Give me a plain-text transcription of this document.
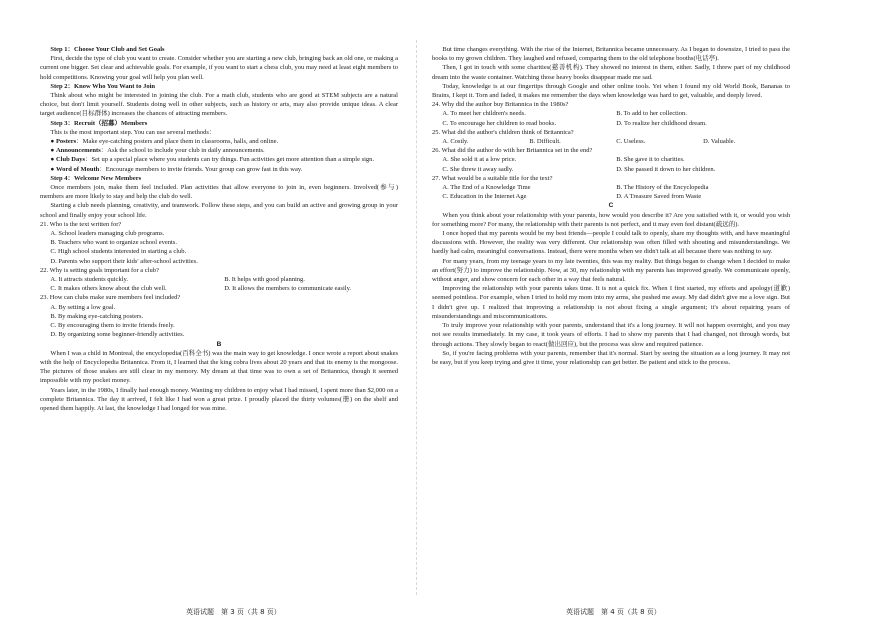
Step 1：Choose Your Club and Set Goals

First, decide the type of club you want to create. Consider whether you are starting a new club, bringing back an old one, or making a current one bigger. Set clear and achievable goals. For example, if you want to start a chess club, you may need at least eight members to hold competitions. Knowing your goal will help you plan well.

Step 2：Know Who You Want to Join

Think about who might be interested in joining the club. For a math club, students who are good at STEM subjects are a natural choice, but don't limit yourself. Students doing well in other subjects, such as history or arts, may also provide unique ideas. A clear target audience(目标群体) increases the chances of attracting members.

Step 3：Recruit（招募）Members

This is the most important step. You can use several methods：

● Posters：Make eye-catching posters and place them in classrooms, halls, and online.

● Announcements：Ask the school to include your club in daily announcements.

● Club Days：Set up a special place where you students can try things. Fun activities get more attention than a simple sign.

● Word of Mouth：Encourage members to invite friends. Your group can grow fast in this way.

Step 4：Welcome New Members

Once members join, make them feel included. Plan activities that allow everyone to join in, even beginners. Involved(参与) members are more likely to stay and help the club do well.

Starting a club needs planning, creativity, and teamwork. Follow these steps, and you can build an active and growing group in your school and finally enjoy your school life.

21. Who is the text written for?

A. School leaders managing club programs.

B. Teachers who want to organize school events.

C. High school students interested in starting a club.

D. Parents who support their kids' after-school activities.

22. Why is setting goals important for a club?

A. It attracts students quickly.	B. It helps with good planning.
C. It makes others know about the club well.	D. It allows the members to communicate easily.

23. How can clubs make sure members feel included?

A. By setting a low goal.

B. By making eye-catching posters.

C. By encouraging them to invite friends freely.

D. By organizing some beginner-friendly activities.

B

When I was a child in Montreal, the encyclopedia(百科全书) was the main way to get knowledge. I once wrote a report about snakes with the help of Encyclopedia Britannica. From it, I learned that the king cobra lives about 20 years and that its enemy is the mongoose. The pictures of those snakes are still clear in my memory. My dream at that time was to own a set of Britannica, though it seemed impossible with my pocket money.

Years later, in the 1980s, I finally had enough money. Wanting my children to enjoy what I had missed, I spent more than $2,000 on a complete Britannica. The day it arrived, I felt like I had won a great prize. I proudly placed the thirty volumes(册) on the shelf and opened them happily. At last, the knowledge I had longed for was mine.

But time changes everything. With the rise of the Internet, Britannica became unnecessary. As I began to downsize, I tried to pass the books to my grown children. They laughed and refused, comparing them to the old telephone booths(电话亭).

Then, I got in touch with some charities(慈善机构). They showed no interest in them, either. Sadly, I threw part of my childhood dream into the waste container. Watching those heavy books disappear made me sad.

Today, knowledge is at our fingertips through Google and other online tools. Yet when I found my old World Book, Bananas to Brains, I kept it. Torn and faded, it makes me remember the days when knowledge was hard to get, valuable, and deeply loved.

24. Why did the author buy Britannica in the 1980s?

A. To meet her children's needs.	B. To add to her collection.
C. To encourage her children to read books.	D. To realize her childhood dream.

25. What did the author's children think of Britannica?

A. Costly.	B. Difficult.	C. Useless.	D. Valuable.

26. What did the author do with her Britannica set in the end?

A. She sold it at a low price.	B. She gave it to charities.
C. She threw it away sadly.	D. She passed it down to her children.

27. What would be a suitable title for the text?

A. The End of a Knowledge Time	B. The History of the Encyclopedia
C. Education in the Internet Age	D. A Treasure Saved from Waste

C

When you think about your relationship with your parents, how would you describe it? Are you satisfied with it, or would you wish for something more? For many, the relationship with their parents is not perfect, and it may even feel distant(疏远的).

I once hoped that my parents would be my best friends—people I could talk to openly, share my thoughts with, and have meaningful discussions with. However, the reality was very different. Our relationship was often filled with shouting and misunderstandings. We hardly had calm, meaningful conversations. Instead, there were months when we didn't talk at all because there was nothing to say.

For many years, from my teenage years to my late twenties, this was my reality. But things began to change when I decided to make an effort(努力) to improve the relationship. Now, at 30, my relationship with my parents has improved greatly. We communicate openly, without anger, and show concern for each other in a way that feels natural.

Improving the relationship with your parents takes time. It is not a quick fix. When I first started, my efforts and apology(道歉) seemed pointless. For example, when I tried to hold my mom into my arms, she pushed me away. My dad didn't give me a love sign. But I didn't give up. I realized that improving a relationship is not about fixing a single argument; it's about repairing years of misunderstandings and miscommunications.

To truly improve your relationship with your parents, understand that it's a long journey. It will not happen overnight, and you may not see results immediately. In my case, it took years of efforts. I had to show my parents that I had changed, not through words, but through actions. They slowly began to react(做出回应), but the process was slow and required patience.

So, if you're facing problems with your parents, remember that it's normal. Start by seeing the situation as a long journey. It may not be easy, but if you keep trying and give it time, your relationship can get better. Be patient and stick to the process.

英语试题　第 3 页（共 8 页）	英语试题　第 4 页（共 8 页）
